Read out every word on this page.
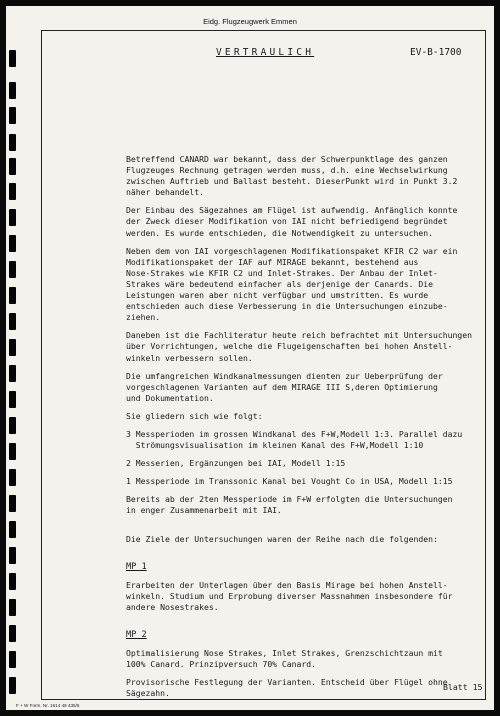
Eidg. Flugzeugwerk Emmen
VERTRAULICH	EV-B-1700

Betreffend CANARD war bekannt, dass der Schwerpunktlage des ganzen
Flugzeuges Rechnung getragen werden muss, d.h. eine Wechselwirkung
zwischen Auftrieb und Ballast besteht. DieserPunkt wird in Punkt 3.2
näher behandelt.

Der Einbau des Sägezahnes am Flügel ist aufwendig. Anfänglich konnte
der Zweck dieser Modifikation von IAI nicht befriedigend begründet
werden. Es wurde entschieden, die Notwendigkeit zu untersuchen.

Neben dem von IAI vorgeschlagenen Modifikationspaket KFIR C2 war ein
Modifikationspaket der IAF auf MIRAGE bekannt, bestehend aus
Nose-Strakes wie KFIR C2 und Inlet-Strakes. Der Anbau der Inlet-
Strakes wäre bedeutend einfacher als derjenige der Canards. Die
Leistungen waren aber nicht verfügbar und umstritten. Es wurde
entschieden auch diese Verbesserung in die Untersuchungen einzube-
ziehen.

Daneben ist die Fachliteratur heute reich befrachtet mit Untersuchungen
über Vorrichtungen, welche die Flugeigenschaften bei hohen Anstell-
winkeln verbessern sollen.

Die umfangreichen Windkanalmessungen dienten zur Ueberprüfung der
vorgeschlagenen Varianten auf dem MIRAGE III S,deren Optimierung
und Dokumentation.

Sie gliedern sich wie folgt:

3 Messperioden im grossen Windkanal des F+W,Modell 1:3. Parallel dazu
Strömungsvisualisation im kleinen Kanal des F+W,Modell 1:10

2 Messerien, Ergänzungen bei IAI, Modell 1:15

1 Messperiode im Transsonic Kanal bei Vought Co in USA, Modell 1:15

Bereits ab der 2ten Messperiode im F+W erfolgten die Untersuchungen
in enger Zusammenarbeit mit IAI.

Die Ziele der Untersuchungen waren der Reihe nach die folgenden:

MP 1

Erarbeiten der Unterlagen über den Basis Mirage bei hohen Anstell-
winkeln. Studium und Erprobung diverser Massnahmen insbesondere für
andere Nosestrakes.

MP 2

Optimalisierung Nose Strakes, Inlet Strakes, Grenzschichtzaun mit
100% Canard. Prinzipversuch 70% Canard.

Provisorische Festlegung der Varianten. Entscheid über Flügel ohne
Sägezahn.

Blatt 15
F + W Form. Nr. 1614 48 435/5
